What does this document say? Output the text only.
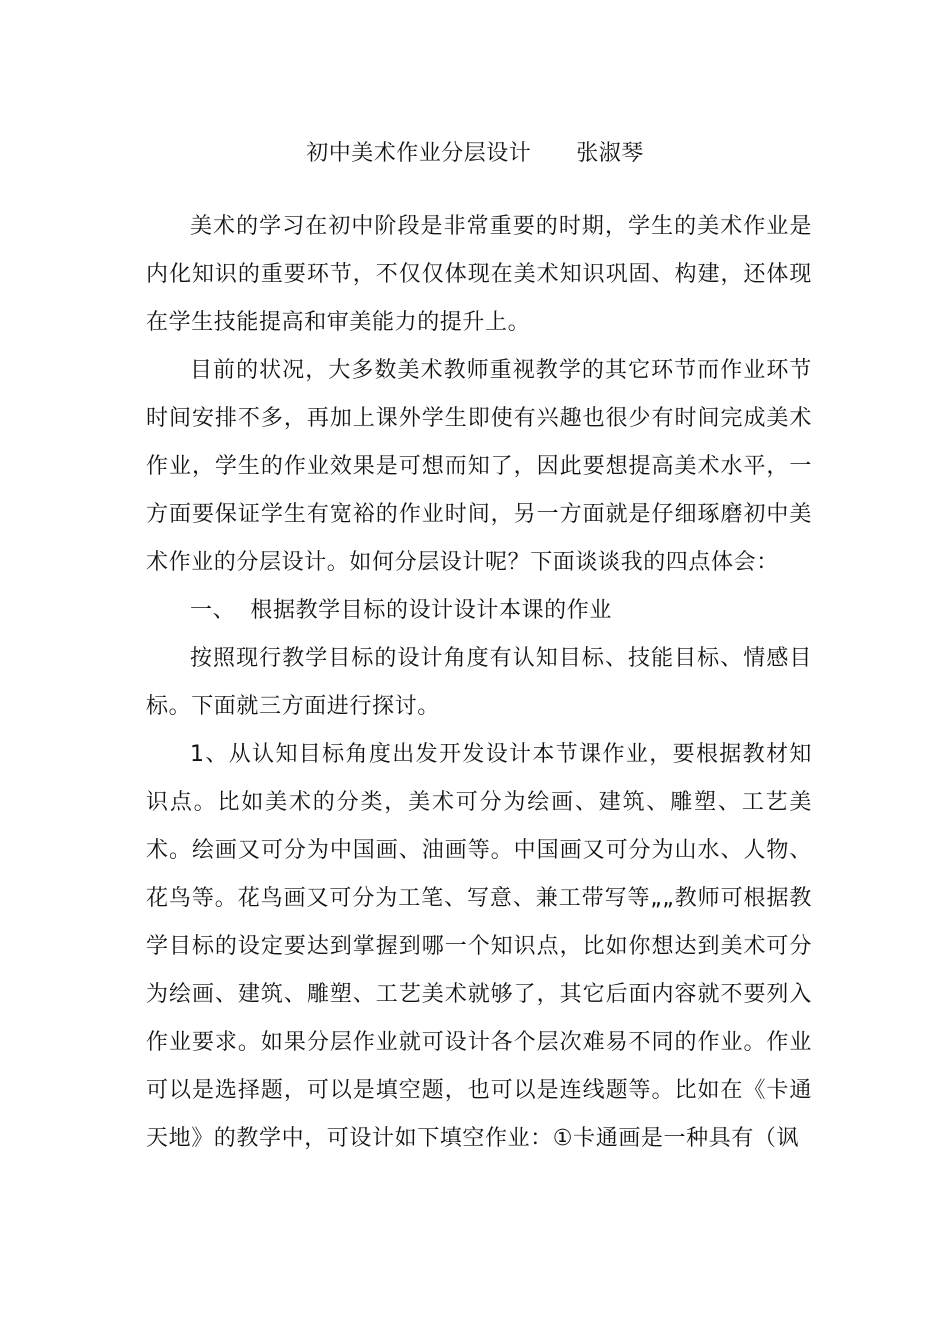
初中美术作业分层设计      张淑琴

美术的学习在初中阶段是非常重要的时期，学生的美术作业是内化知识的重要环节，不仅仅体现在美术知识巩固、构建，还体现在学生技能提高和审美能力的提升上。

目前的状况，大多数美术教师重视教学的其它环节而作业环节时间安排不多，再加上课外学生即使有兴趣也很少有时间完成美术作业，学生的作业效果是可想而知了，因此要想提高美术水平，一方面要保证学生有宽裕的作业时间，另一方面就是仔细琢磨初中美术作业的分层设计。如何分层设计呢？下面谈谈我的四点体会：

一、  根据教学目标的设计设计本课的作业

按照现行教学目标的设计角度有认知目标、技能目标、情感目标。下面就三方面进行探讨。

1、从认知目标角度出发开发设计本节课作业，要根据教材知识点。比如美术的分类，美术可分为绘画、建筑、雕塑、工艺美术。绘画又可分为中国画、油画等。中国画又可分为山水、人物、花鸟等。花鸟画又可分为工笔、写意、兼工带写等„„教师可根据教学目标的设定要达到掌握到哪一个知识点，比如你想达到美术可分为绘画、建筑、雕塑、工艺美术就够了，其它后面内容就不要列入作业要求。如果分层作业就可设计各个层次难易不同的作业。作业可以是选择题，可以是填空题，也可以是连线题等。比如在《卡通天地》的教学中，可设计如下填空作业：①卡通画是一种具有（讽
